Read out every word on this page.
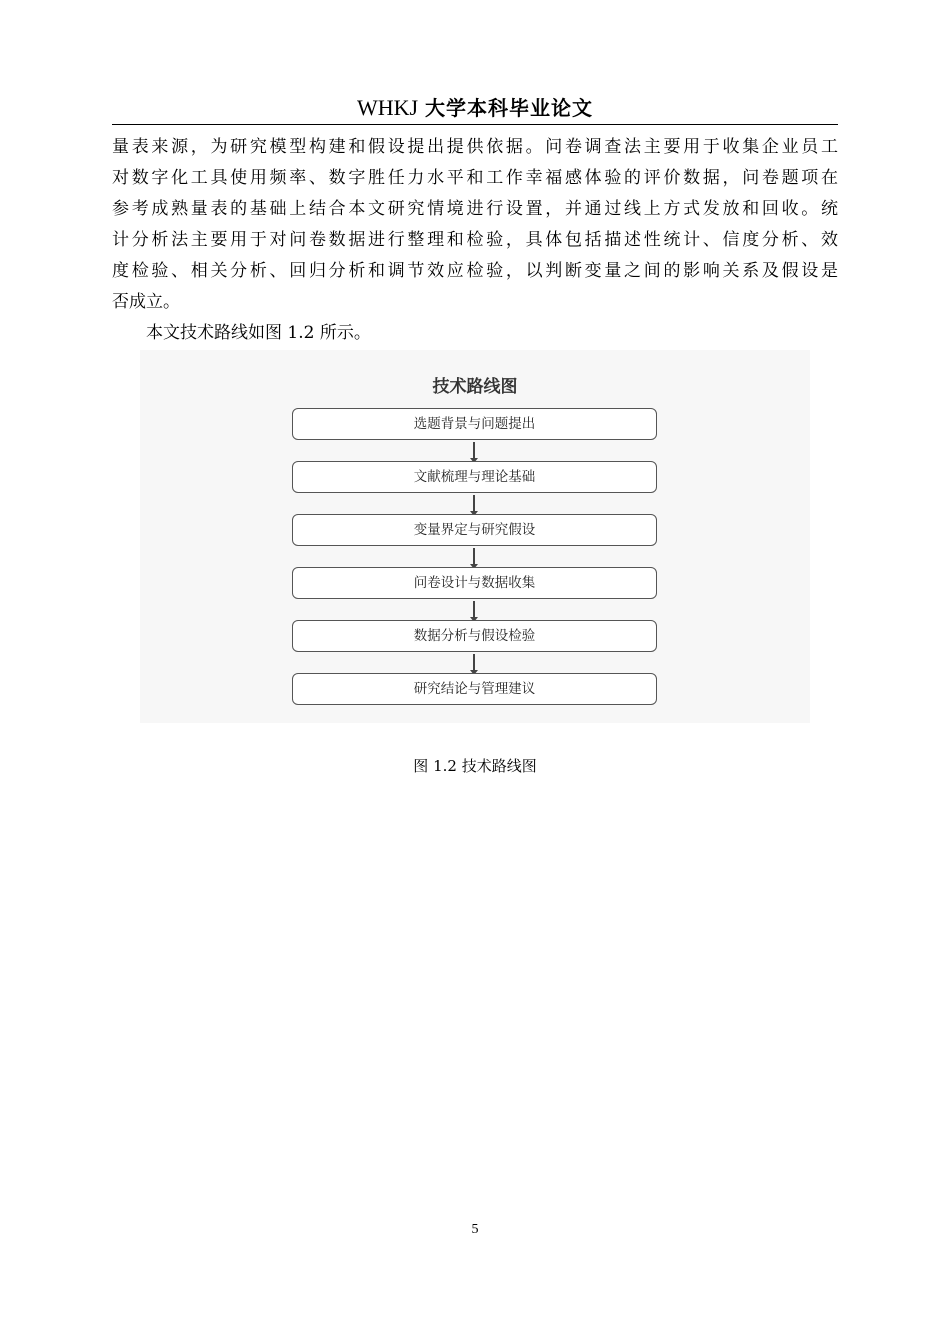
WHKJ 大学本科毕业论文

量表来源，为研究模型构建和假设提出提供依据。问卷调查法主要用于收集企业员工
对数字化工具使用频率、数字胜任力水平和工作幸福感体验的评价数据，问卷题项在
参考成熟量表的基础上结合本文研究情境进行设置，并通过线上方式发放和回收。统
计分析法主要用于对问卷数据进行整理和检验，具体包括描述性统计、信度分析、效
度检验、相关分析、回归分析和调节效应检验，以判断变量之间的影响关系及假设是
否成立。

本文技术路线如图 1.2 所示。

技术路线图
选题背景与问题提出
文献梳理与理论基础
变量界定与研究假设
问卷设计与数据收集
数据分析与假设检验
研究结论与管理建议
图 1.2 技术路线图
5
